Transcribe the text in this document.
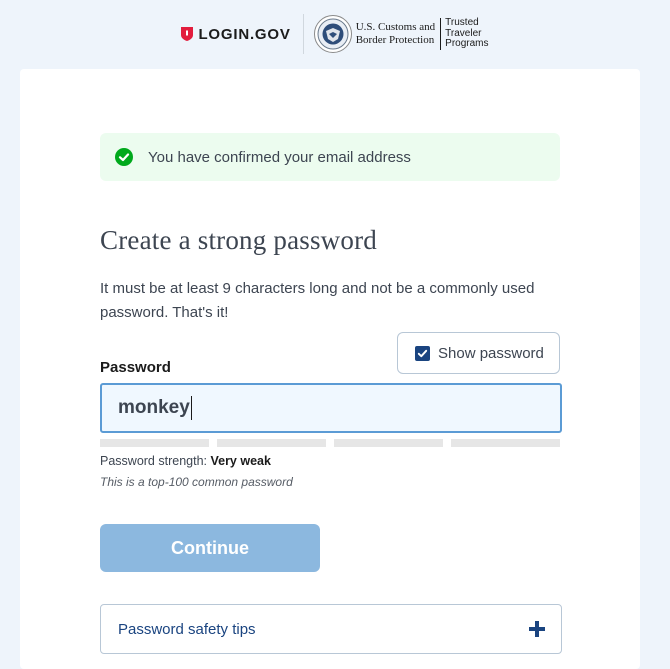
LOGIN.GOV	U.S. Customs and
Border Protection
Trusted
Traveler
Programs
You have confirmed your email address
Create a strong password

It must be at least 9 characters long and not be a commonly used password. That's it!

Show password
Password
monkey
Password strength: Very weak
This is a top-100 common password
Continue
Password safety tips
